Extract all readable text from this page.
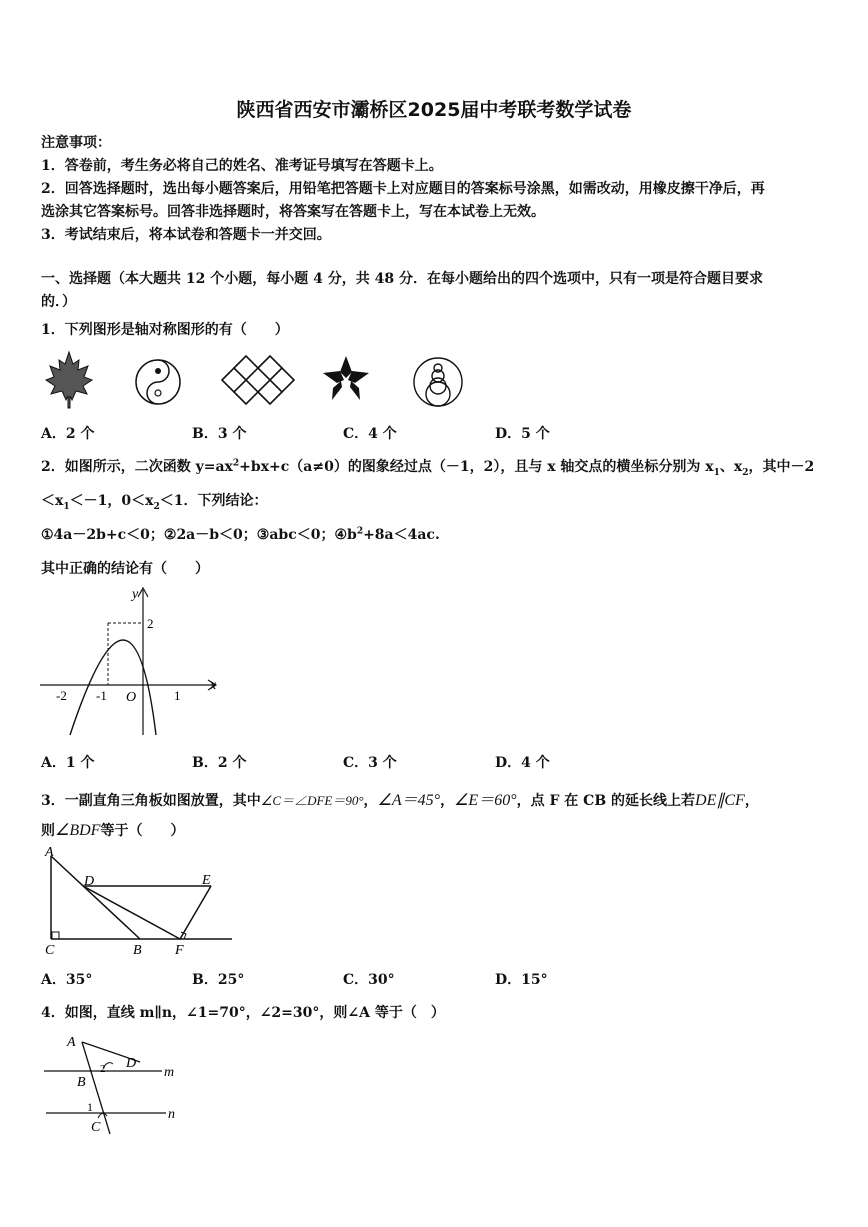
陕西省西安市灞桥区2025届中考联考数学试卷
注意事项：
1．答卷前，考生务必将自己的姓名、准考证号填写在答题卡上。
2．回答选择题时，选出每小题答案后，用铅笔把答题卡上对应题目的答案标号涂黑，如需改动，用橡皮擦干净后，再
选涂其它答案标号。回答非选择题时，将答案写在答题卡上，写在本试卷上无效。
3．考试结束后，将本试卷和答题卡一并交回。
一、选择题（本大题共 12 个小题，每小题 4 分，共 48 分．在每小题给出的四个选项中，只有一项是符合题目要求
的．）
1．下列图形是轴对称图形的有（　　）
A．2 个	B．3 个	C．4 个	D．5 个
2．如图所示，二次函数 $y=ax^2+bx+c(a\ne 0)$的图象经过点（－1，2），且与 x 轴交点的横坐标分别为 $x_1$、$x_2$，其中－2
$<x_1<-1$，$0<x_2<1$．下列结论：
①4a－2b+c＜0；②2a－b＜0；③abc＜0；$④b^2+8a<4ac$.
其中正确的结论有（　　）
y
x
O
-2 -1	1
2
A．1 个	B．2 个	C．3 个	D．4 个
3．一副直角三角板如图放置，其中∠C＝∠DFE＝90°，∠A＝45°，∠E＝60°，点 F 在 CB 的延长线上若DE∥CF，
则∠BDF等于（　　）
A
D	E
C	B F
A．35°	B．25°	C．30°	D．15°
4．如图，直线 m∥n，∠1=70°，∠2=30°，则∠A 等于（　）
A
D
m
B
2
1	n
C
